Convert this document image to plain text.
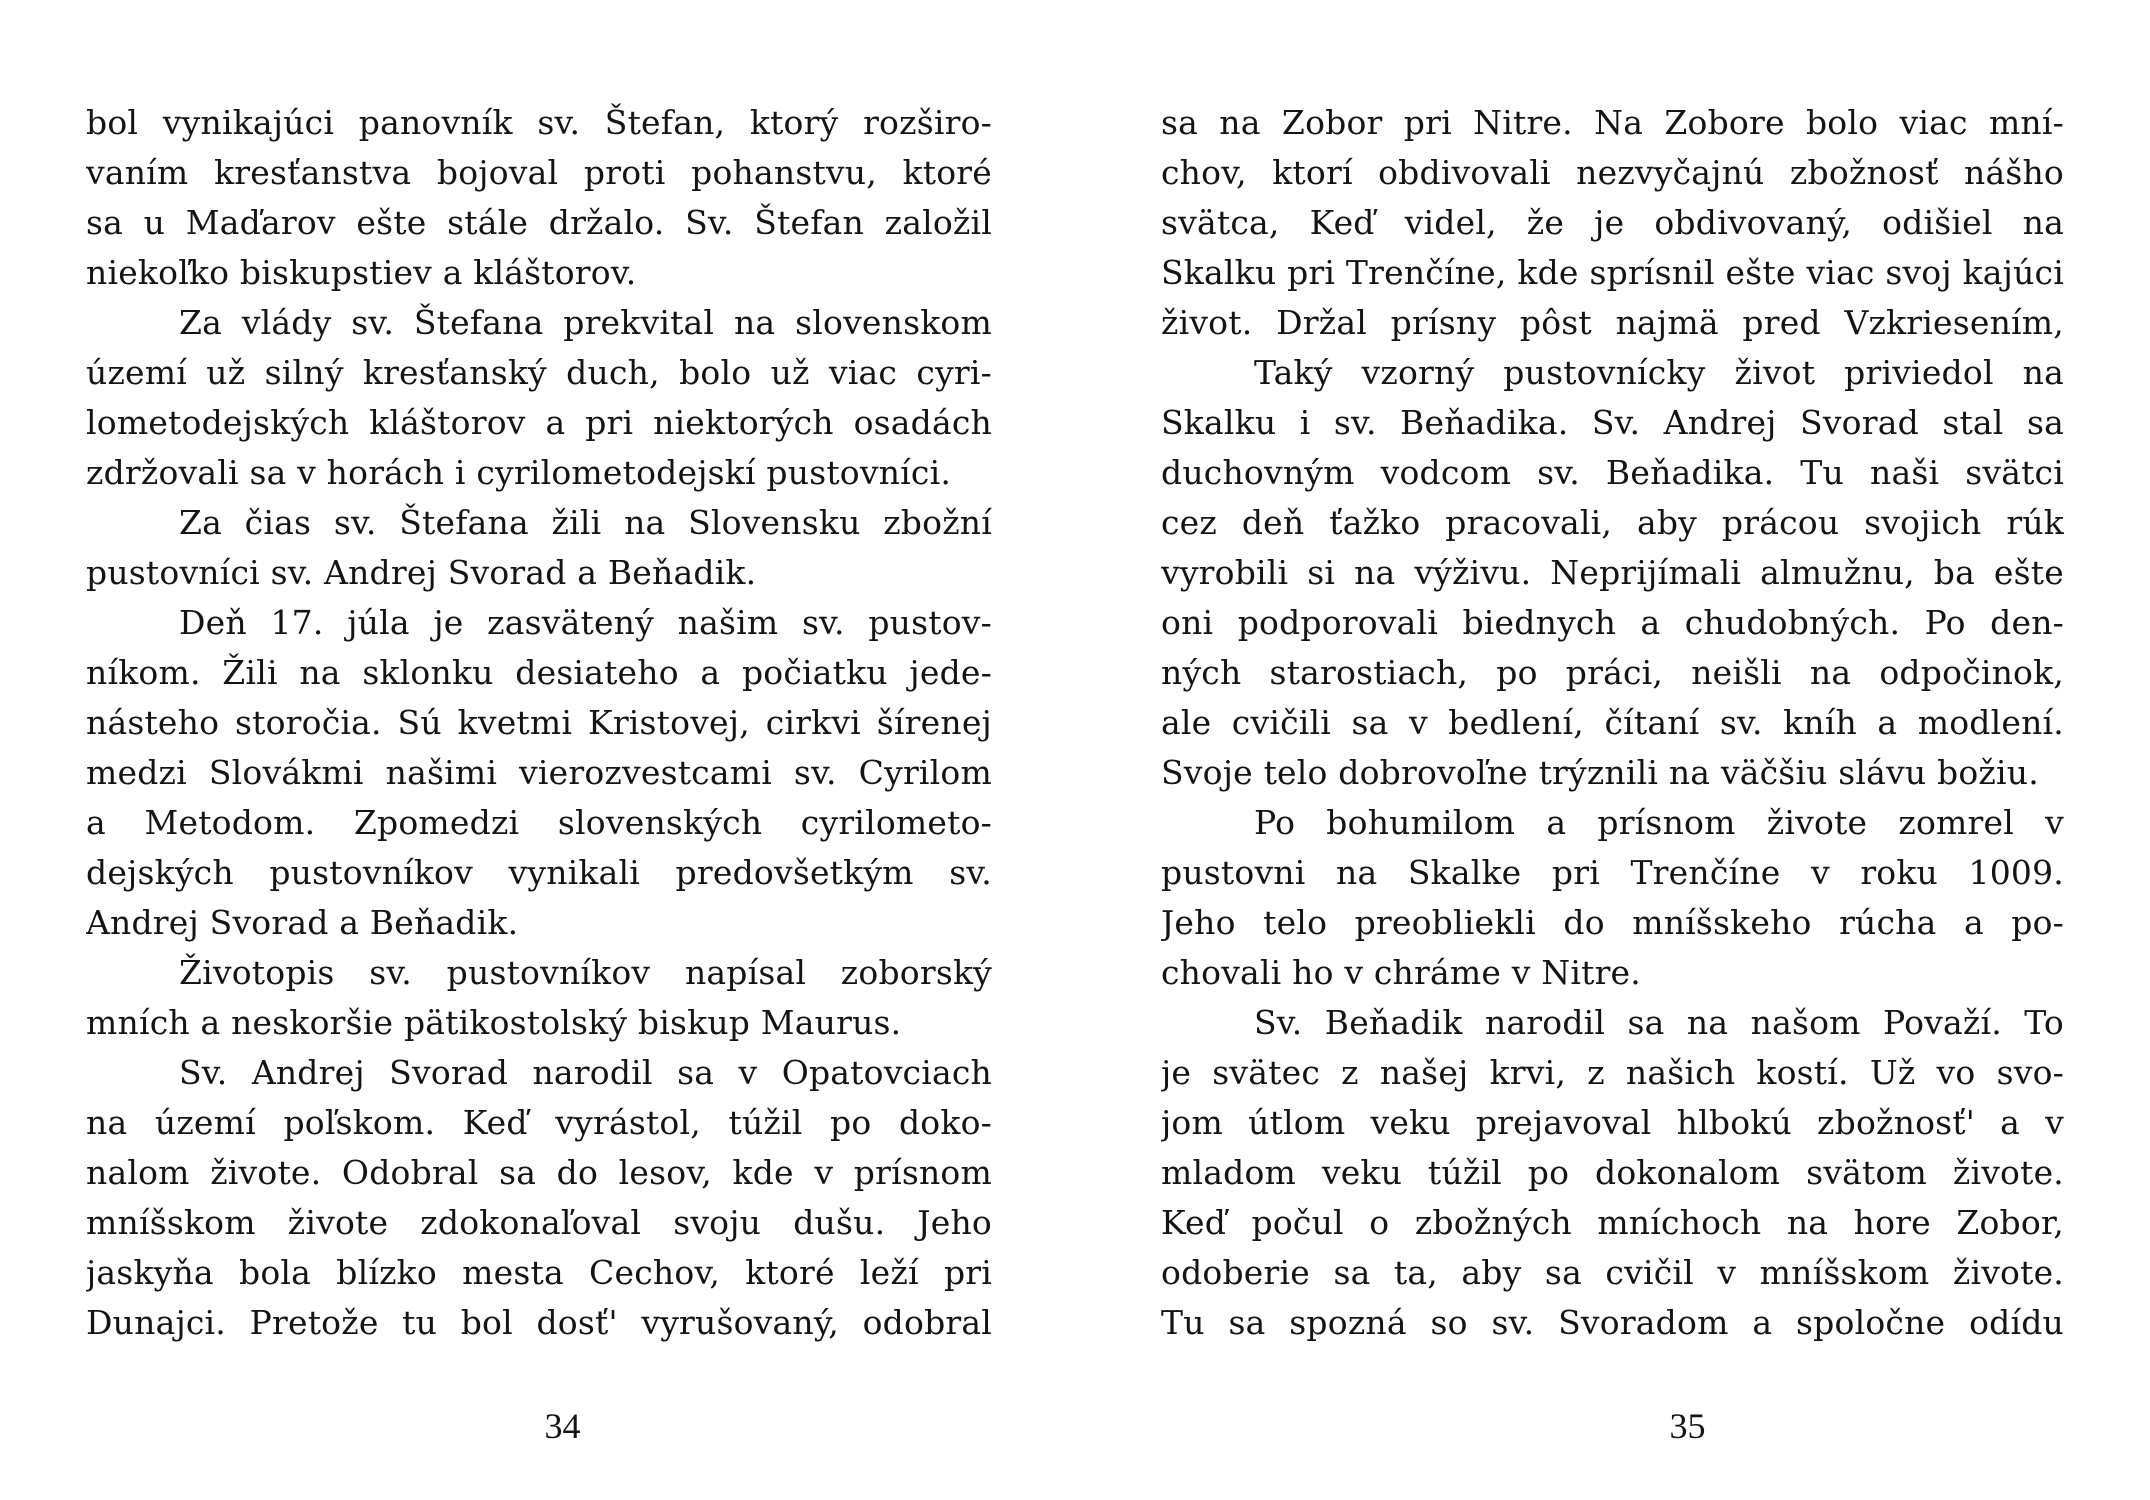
bol vynikajúci panovník sv. Štefan, ktorý rozširo-
vaním kresťanstva bojoval proti pohanstvu, ktoré
sa u Maďarov ešte stále držalo. Sv. Štefan založil
niekoľko biskupstiev a kláštorov.
Za vlády sv. Štefana prekvital na slovenskom
území už silný kresťanský duch, bolo už viac cyri-
lometodejských kláštorov a pri niektorých osadách
zdržovali sa v horách i cyrilometodejskí pustovníci.
Za čias sv. Štefana žili na Slovensku zbožní
pustovníci sv. Andrej Svorad a Beňadik.
Deň 17. júla je zasvätený našim sv. pustov-
níkom. Žili na sklonku desiateho a počiatku jede-
násteho storočia. Sú kvetmi Kristovej, cirkvi šírenej
medzi Slovákmi našimi vierozvestcami sv. Cyrilom
a Metodom. Zpomedzi slovenských cyrilometo-
dejských pustovníkov vynikali predovšetkým sv.
Andrej Svorad a Beňadik.
Životopis sv. pustovníkov napísal zoborský
mních a neskoršie pätikostolský biskup Maurus.
Sv. Andrej Svorad narodil sa v Opatovciach
na území poľskom. Keď vyrástol, túžil po doko-
nalom živote. Odobral sa do lesov, kde v prísnom
mníšskom živote zdokonaľoval svoju dušu. Jeho
jaskyňa bola blízko mesta Cechov, ktoré leží pri
Dunajci. Pretože tu bol dosť' vyrušovaný, odobral
34
sa na Zobor pri Nitre. Na Zobore bolo viac mní-
chov, ktorí obdivovali nezvyčajnú zbožnosť nášho
svätca, Keď videl, že je obdivovaný, odišiel na
Skalku pri Trenčíne, kde sprísnil ešte viac svoj kajúci
život. Držal prísny pôst najmä pred Vzkriesením,
Taký vzorný pustovnícky život priviedol na
Skalku i sv. Beňadika. Sv. Andrej Svorad stal sa
duchovným vodcom sv. Beňadika. Tu naši svätci
cez deň ťažko pracovali, aby prácou svojich rúk
vyrobili si na výživu. Neprijímali almužnu, ba ešte
oni podporovali biednych a chudobných. Po den-
ných starostiach, po práci, neišli na odpočinok,
ale cvičili sa v bedlení, čítaní sv. kníh a modlení.
Svoje telo dobrovoľne trýznili na väčšiu slávu božiu.
Po bohumilom a prísnom živote zomrel v
pustovni na Skalke pri Trenčíne v roku 1009.
Jeho telo preobliekli do mníšskeho rúcha a po-
chovali ho v chráme v Nitre.
Sv. Beňadik narodil sa na našom Považí. To
je svätec z našej krvi, z našich kostí. Už vo svo-
jom útlom veku prejavoval hlbokú zbožnosť' a v
mladom veku túžil po dokonalom svätom živote.
Keď počul o zbožných mníchoch na hore Zobor,
odoberie sa ta, aby sa cvičil v mníšskom živote.
Tu sa spozná so sv. Svoradom a spoločne odídu
35
